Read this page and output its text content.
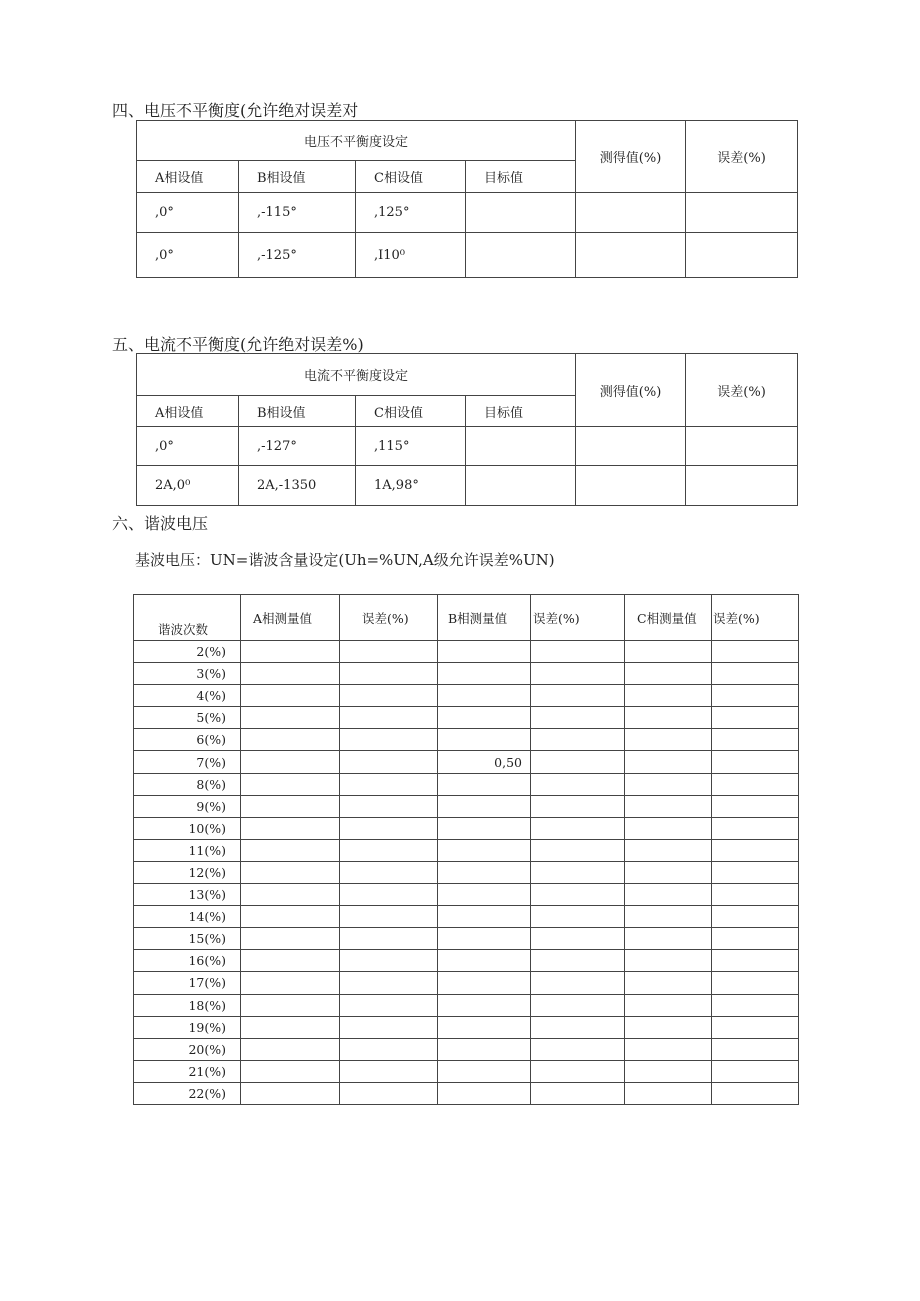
四、电压不平衡度(允许绝对误差对
电压不平衡度设定				测得值(%)	误差(%)
A相设值	B相设值	C相设值	目标值		
,0°	,-115°	,125°			
,0°	,-125°	,I10⁰			
五、电流不平衡度(允许绝对误差%)
电流不平衡度设定				测得值(%)	误差(%)
A相设值	B相设值	C相设值	目标值		
,0°	,-127°	,115°			
2A,0⁰	2A,-1350	1A,98°			
六、谐波电压
基波电压：UN=谐波含量设定(Uh=%UN,A级允许误差%UN)
谐波次数	A相测量值	误差(%)	B相测量值	误差(%)	C相测量值	误差(%)
2(%)						
3(%)						
4(%)						
5(%)						
6(%)						
7(%)			0,50			
8(%)						
9(%)						
10(%)						
11(%)						
12(%)						
13(%)						
14(%)						
15(%)						
16(%)						
17(%)						
18(%)						
19(%)						
20(%)						
21(%)						
22(%)						
